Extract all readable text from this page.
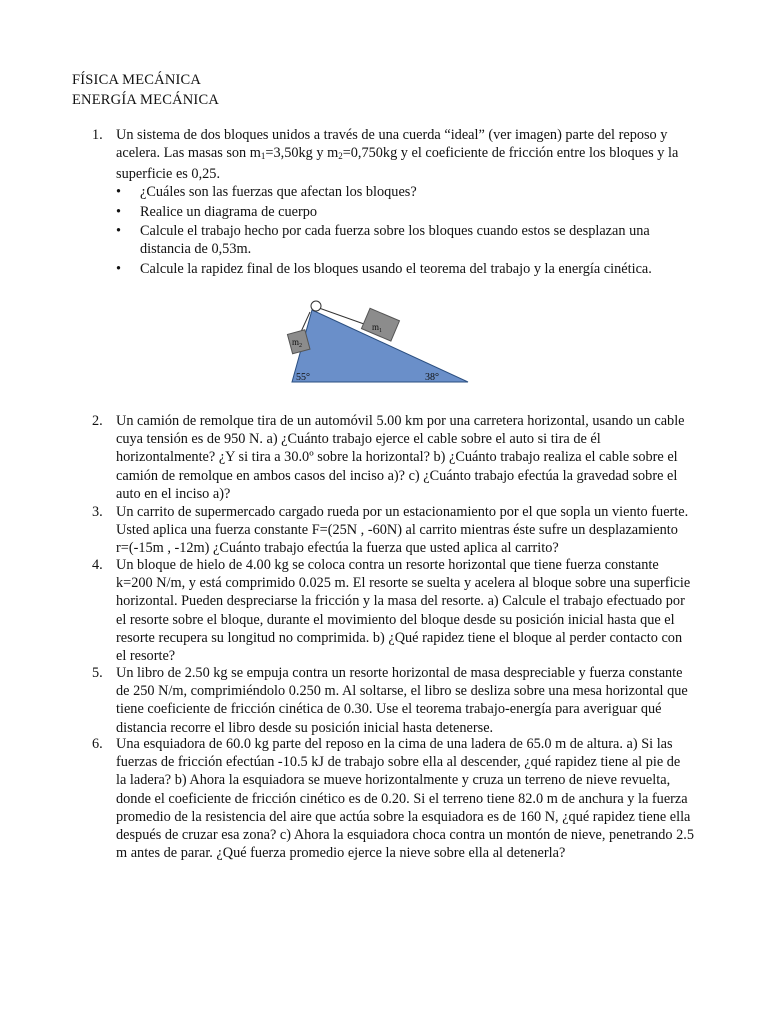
FÍSICA MECÁNICA
ENERGÍA MECÁNICA
1. Un sistema de dos bloques unidos a través de una cuerda “ideal” (ver imagen) parte del reposo y acelera. Las masas son $m_1=3,50kg$ y $m_2=0,750kg$ y el coeficiente de fricción entre los bloques y la superficie es 0,25.
• ¿Cuáles son las fuerzas que afectan los bloques?
• Realice un diagrama de cuerpo
• Calcule el trabajo hecho por cada fuerza sobre los bloques cuando estos se desplazan una distancia de 0,53m.
• Calcule la rapidez final de los bloques usando el teorema del trabajo y la energía cinética.
$m_1$
$m_2$
55°	38°
2. Un camión de remolque tira de un automóvil 5.00 km por una carretera horizontal, usando un cable cuya tensión es de 950 N. a) ¿Cuánto trabajo ejerce el cable sobre el auto si tira de él horizontalmente? ¿Y si tira a 30.0º sobre la horizontal? b) ¿Cuánto trabajo realiza el cable sobre el camión de remolque en ambos casos del inciso a)? c) ¿Cuánto trabajo efectúa la gravedad sobre el auto en el inciso a)?
3. Un carrito de supermercado cargado rueda por un estacionamiento por el que sopla un viento fuerte. Usted aplica una fuerza constante F=(25N , -60N) al carrito mientras éste sufre un desplazamiento r=(-15m , -12m) ¿Cuánto trabajo efectúa la fuerza que usted aplica al carrito?
4. Un bloque de hielo de 4.00 kg se coloca contra un resorte horizontal que tiene fuerza constante k=200 N/m, y está comprimido 0.025 m. El resorte se suelta y acelera al bloque sobre una superficie horizontal. Pueden despreciarse la fricción y la masa del resorte. a) Calcule el trabajo efectuado por el resorte sobre el bloque, durante el movimiento del bloque desde su posición inicial hasta que el resorte recupera su longitud no comprimida. b) ¿Qué rapidez tiene el bloque al perder contacto con el resorte?
5. Un libro de 2.50 kg se empuja contra un resorte horizontal de masa despreciable y fuerza constante de 250 N/m, comprimiéndolo 0.250 m. Al soltarse, el libro se desliza sobre una mesa horizontal que tiene coeficiente de fricción cinética de 0.30. Use el teorema trabajo-energía para averiguar qué distancia recorre el libro desde su posición inicial hasta detenerse.
6. Una esquiadora de 60.0 kg parte del reposo en la cima de una ladera de 65.0 m de altura. a) Si las fuerzas de fricción efectúan -10.5 kJ de trabajo sobre ella al descender, ¿qué rapidez tiene al pie de la ladera? b) Ahora la esquiadora se mueve horizontalmente y cruza un terreno de nieve revuelta, donde el coeficiente de fricción cinético es de 0.20. Si el terreno tiene 82.0 m de anchura y la fuerza promedio de la resistencia del aire que actúa sobre la esquiadora es de 160 N, ¿qué rapidez tiene ella después de cruzar esa zona? c) Ahora la esquiadora choca contra un montón de nieve, penetrando 2.5 m antes de parar. ¿Qué fuerza promedio ejerce la nieve sobre ella al detenerla?
